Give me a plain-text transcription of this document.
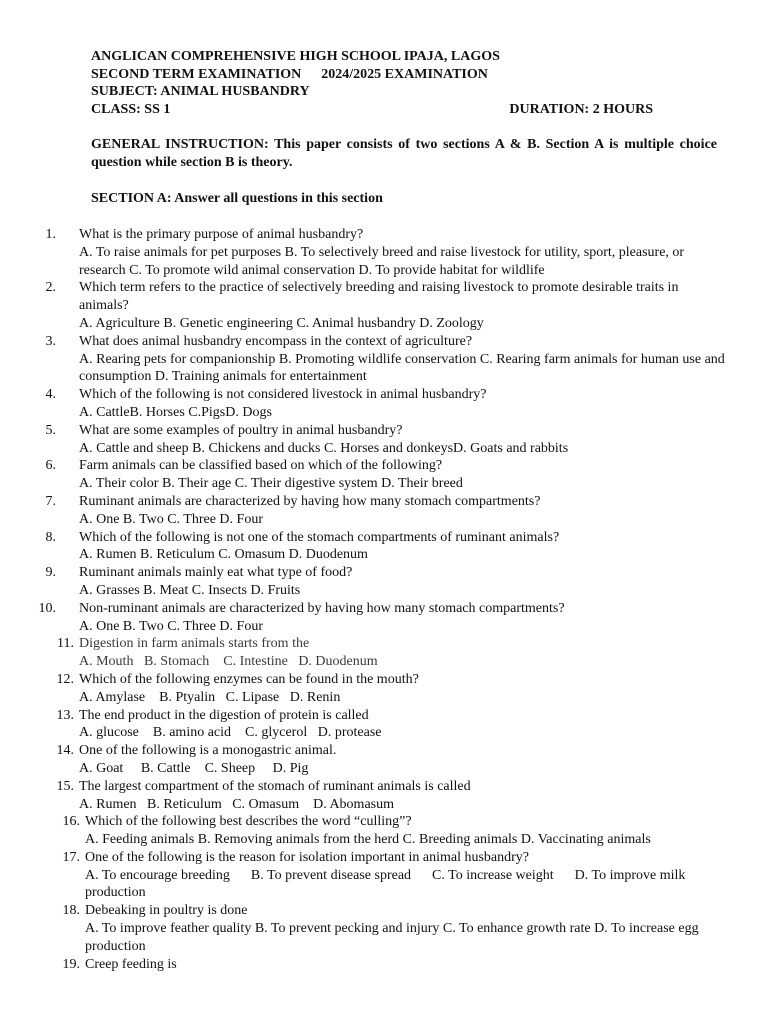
ANGLICAN COMPREHENSIVE HIGH SCHOOL IPAJA, LAGOS
SECOND TERM EXAMINATION 2024/2025 EXAMINATION
SUBJECT: ANIMAL HUSBANDRY
CLASS: SS 1	DURATION: 2 HOURS
GENERAL INSTRUCTION: This paper consists of two sections A & B. Section A is multiple choice question while section B is theory.
SECTION A: Answer all questions in this section
1. What is the primary purpose of animal husbandry?
A. To raise animals for pet purposes B. To selectively breed and raise livestock for utility, sport, pleasure, or research C. To promote wild animal conservation D. To provide habitat for wildlife
2. Which term refers to the practice of selectively breeding and raising livestock to promote desirable traits in animals?
A. Agriculture B. Genetic engineering C. Animal husbandry D. Zoology
3. What does animal husbandry encompass in the context of agriculture?
A. Rearing pets for companionship B. Promoting wildlife conservation C. Rearing farm animals for human use and consumption D. Training animals for entertainment
4. Which of the following is not considered livestock in animal husbandry?
A. CattleB. Horses C.PigsD. Dogs
5. What are some examples of poultry in animal husbandry?
A. Cattle and sheep B. Chickens and ducks C. Horses and donkeysD. Goats and rabbits
6. Farm animals can be classified based on which of the following?
A. Their color B. Their age C. Their digestive system D. Their breed
7. Ruminant animals are characterized by having how many stomach compartments?
A. One B. Two C. Three D. Four
8. Which of the following is not one of the stomach compartments of ruminant animals?
A. Rumen B. Reticulum C. Omasum D. Duodenum
9. Ruminant animals mainly eat what type of food?
A. Grasses B. Meat C. Insects D. Fruits
10. Non-ruminant animals are characterized by having how many stomach compartments?
A. One B. Two C. Three D. Four
11. Digestion in farm animals starts from the
A. Mouth   B. Stomach    C. Intestine   D. Duodenum
12. Which of the following enzymes can be found in the mouth?
A. Amylase    B. Ptyalin   C. Lipase   D. Renin
13. The end product in the digestion of protein is called
A. glucose    B. amino acid    C. glycerol   D. protease
14. One of the following is a monogastric animal.
A. Goat     B. Cattle    C. Sheep     D. Pig
15. The largest compartment of the stomach of ruminant animals is called
A. Rumen   B. Reticulum   C. Omasum    D. Abomasum
16. Which of the following best describes the word “culling”?
A. Feeding animals B. Removing animals from the herd C. Breeding animals D. Vaccinating animals
17. One of the following is the reason for isolation important in animal husbandry?
A. To encourage breeding      B. To prevent disease spread      C. To increase weight      D. To improve milk production
18. Debeaking in poultry is done
A. To improve feather quality B. To prevent pecking and injury C. To enhance growth rate D. To increase egg production
19. Creep feeding is
